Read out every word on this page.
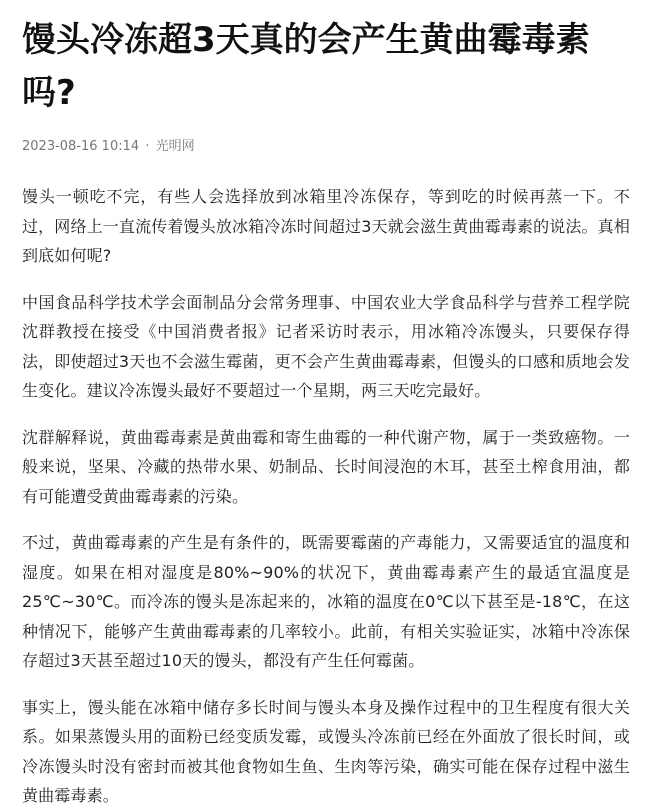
馒头冷冻超3天真的会产生黄曲霉毒素吗?
2023-08-16 10:14 · 光明网

馒头一顿吃不完，有些人会选择放到冰箱里冷冻保存，等到吃的时候再蒸一下。不过，网络上一直流传着馒头放冰箱冷冻时间超过3天就会滋生黄曲霉毒素的说法。真相到底如何呢?

中国食品科学技术学会面制品分会常务理事、中国农业大学食品科学与营养工程学院沈群教授在接受《中国消费者报》记者采访时表示，用冰箱冷冻馒头，只要保存得法，即使超过3天也不会滋生霉菌，更不会产生黄曲霉毒素，但馒头的口感和质地会发生变化。建议冷冻馒头最好不要超过一个星期，两三天吃完最好。

沈群解释说，黄曲霉毒素是黄曲霉和寄生曲霉的一种代谢产物，属于一类致癌物。一般来说，坚果、冷藏的热带水果、奶制品、长时间浸泡的木耳，甚至土榨食用油，都有可能遭受黄曲霉毒素的污染。

不过，黄曲霉毒素的产生是有条件的，既需要霉菌的产毒能力，又需要适宜的温度和湿度。如果在相对湿度是80%~90%的状况下，黄曲霉毒素产生的最适宜温度是25℃~30℃。而冷冻的馒头是冻起来的，冰箱的温度在0℃以下甚至是-18℃，在这种情况下，能够产生黄曲霉毒素的几率较小。此前，有相关实验证实，冰箱中冷冻保存超过3天甚至超过10天的馒头，都没有产生任何霉菌。

事实上，馒头能在冰箱中储存多长时间与馒头本身及操作过程中的卫生程度有很大关系。如果蒸馒头用的面粉已经变质发霉，或馒头冷冻前已经在外面放了很长时间，或冷冻馒头时没有密封而被其他食物如生鱼、生肉等污染，确实可能在保存过程中滋生黄曲霉毒素。
